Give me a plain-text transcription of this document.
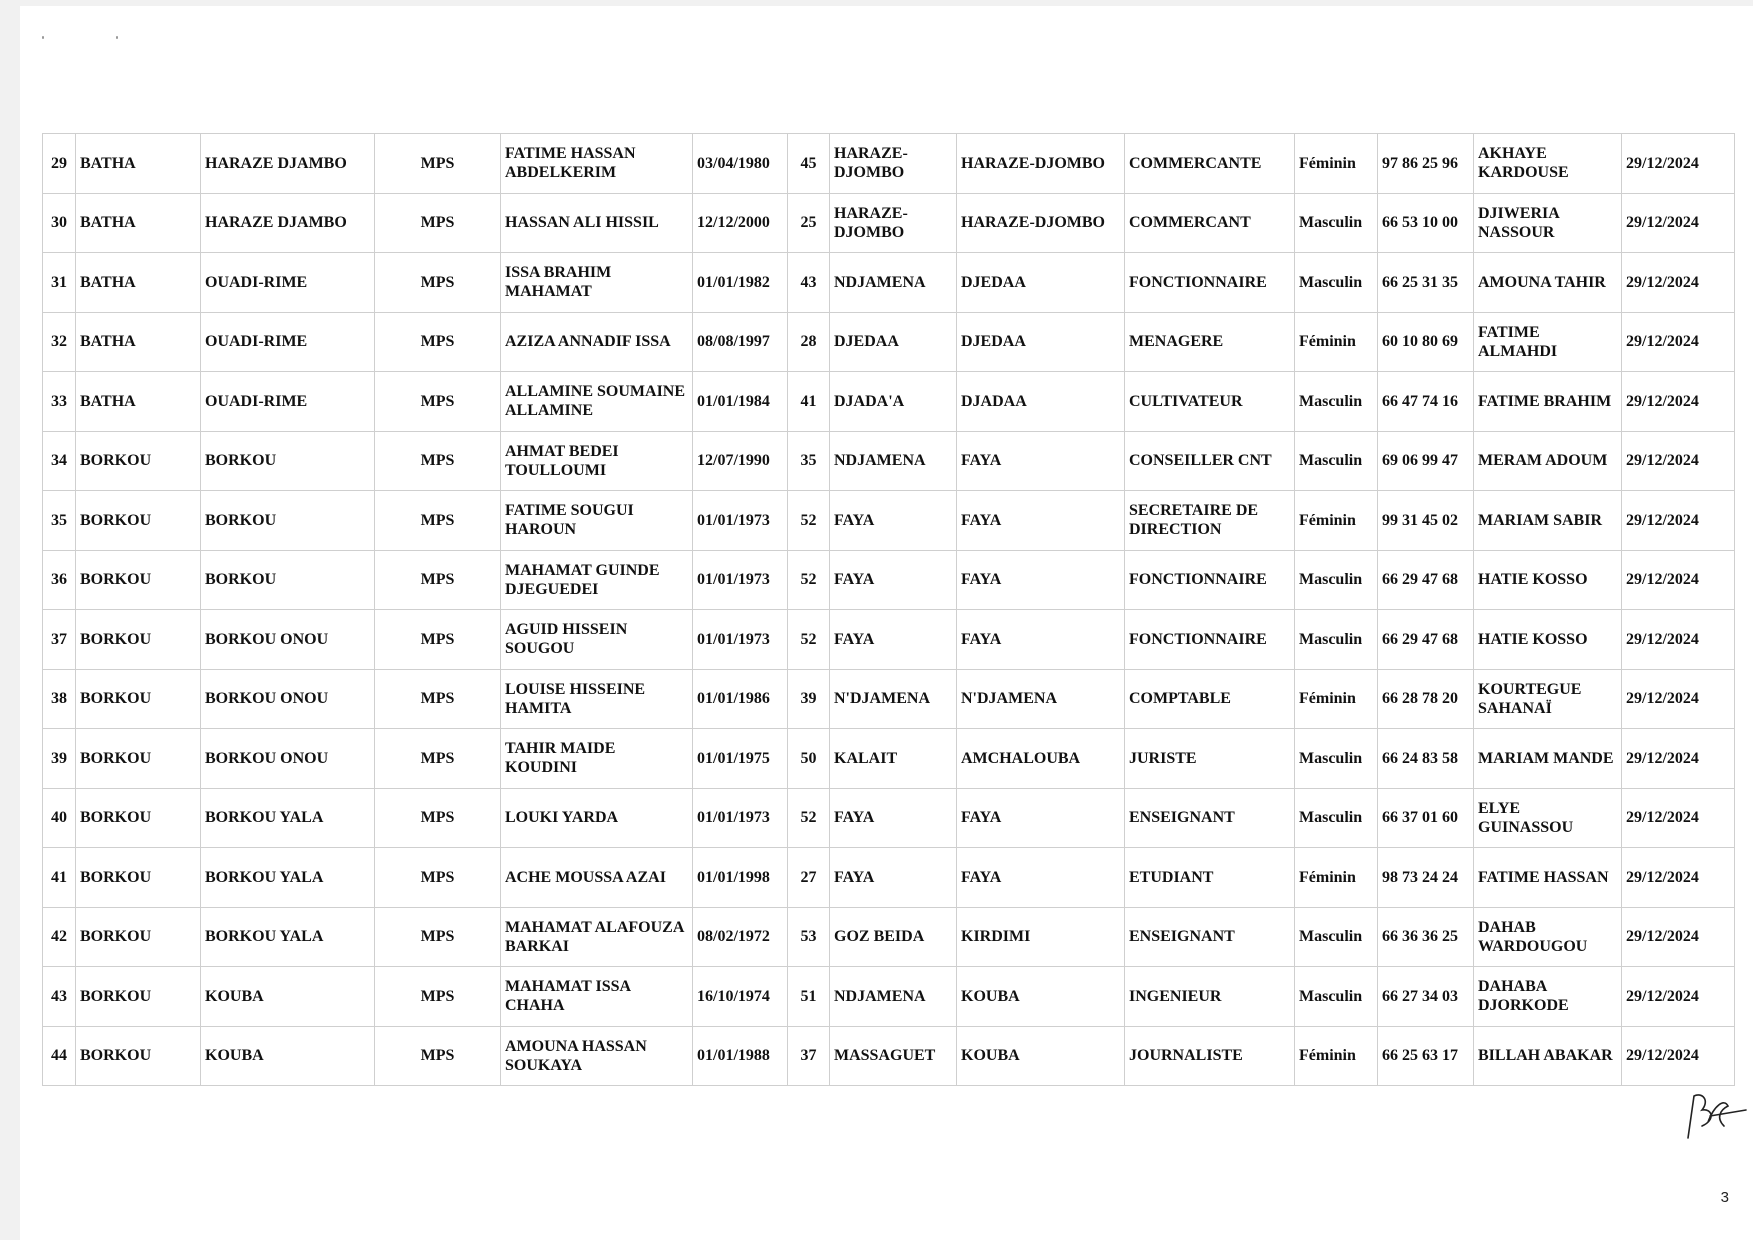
29	BATHA	HARAZE DJAMBO	MPS	FATIME HASSAN ABDELKERIM	03/04/1980	45	HARAZE-DJOMBO	HARAZE-DJOMBO	COMMERCANTE	Féminin	97 86 25 96	AKHAYE KARDOUSE	29/12/2024
30	BATHA	HARAZE DJAMBO	MPS	HASSAN ALI HISSIL	12/12/2000	25	HARAZE-DJOMBO	HARAZE-DJOMBO	COMMERCANT	Masculin	66 53 10 00	DJIWERIA NASSOUR	29/12/2024
31	BATHA	OUADI-RIME	MPS	ISSA BRAHIM MAHAMAT	01/01/1982	43	NDJAMENA	DJEDAA	FONCTIONNAIRE	Masculin	66 25 31 35	AMOUNA TAHIR	29/12/2024
32	BATHA	OUADI-RIME	MPS	AZIZA ANNADIF ISSA	08/08/1997	28	DJEDAA	DJEDAA	MENAGERE	Féminin	60 10 80 69	FATIME ALMAHDI	29/12/2024
33	BATHA	OUADI-RIME	MPS	ALLAMINE SOUMAINE ALLAMINE	01/01/1984	41	DJADA'A	DJADAA	CULTIVATEUR	Masculin	66 47 74 16	FATIME BRAHIM	29/12/2024
34	BORKOU	BORKOU	MPS	AHMAT BEDEI TOULLOUMI	12/07/1990	35	NDJAMENA	FAYA	CONSEILLER CNT	Masculin	69 06 99 47	MERAM ADOUM	29/12/2024
35	BORKOU	BORKOU	MPS	FATIME SOUGUI HAROUN	01/01/1973	52	FAYA	FAYA	SECRETAIRE DE DIRECTION	Féminin	99 31 45 02	MARIAM SABIR	29/12/2024
36	BORKOU	BORKOU	MPS	MAHAMAT GUINDE DJEGUEDEI	01/01/1973	52	FAYA	FAYA	FONCTIONNAIRE	Masculin	66 29 47 68	HATIE KOSSO	29/12/2024
37	BORKOU	BORKOU ONOU	MPS	AGUID HISSEIN SOUGOU	01/01/1973	52	FAYA	FAYA	FONCTIONNAIRE	Masculin	66 29 47 68	HATIE KOSSO	29/12/2024
38	BORKOU	BORKOU ONOU	MPS	LOUISE HISSEINE HAMITA	01/01/1986	39	N'DJAMENA	N'DJAMENA	COMPTABLE	Féminin	66 28 78 20	KOURTEGUE SAHANAÏ	29/12/2024
39	BORKOU	BORKOU ONOU	MPS	TAHIR MAIDE KOUDINI	01/01/1975	50	KALAIT	AMCHALOUBA	JURISTE	Masculin	66 24 83 58	MARIAM MANDE	29/12/2024
40	BORKOU	BORKOU YALA	MPS	LOUKI YARDA	01/01/1973	52	FAYA	FAYA	ENSEIGNANT	Masculin	66 37 01 60	ELYE GUINASSOU	29/12/2024
41	BORKOU	BORKOU YALA	MPS	ACHE MOUSSA AZAI	01/01/1998	27	FAYA	FAYA	ETUDIANT	Féminin	98 73 24 24	FATIME HASSAN	29/12/2024
42	BORKOU	BORKOU YALA	MPS	MAHAMAT ALAFOUZA BARKAI	08/02/1972	53	GOZ BEIDA	KIRDIMI	ENSEIGNANT	Masculin	66 36 36 25	DAHAB WARDOUGOU	29/12/2024
43	BORKOU	KOUBA	MPS	MAHAMAT ISSA CHAHA	16/10/1974	51	NDJAMENA	KOUBA	INGENIEUR	Masculin	66 27 34 03	DAHABA DJORKODE	29/12/2024
44	BORKOU	KOUBA	MPS	AMOUNA HASSAN SOUKAYA	01/01/1988	37	MASSAGUET	KOUBA	JOURNALISTE	Féminin	66 25 63 17	BILLAH ABAKAR	29/12/2024
3
